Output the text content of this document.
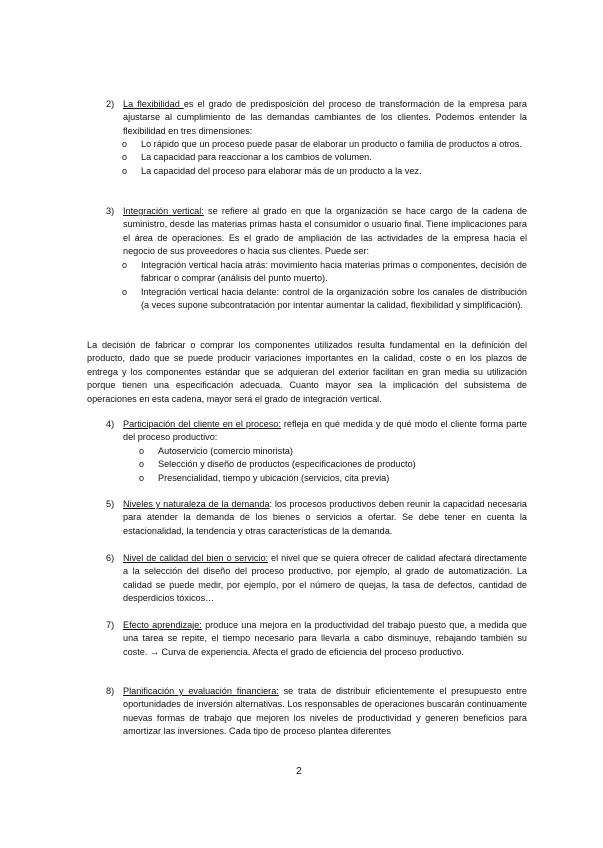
2) La flexibilidad es el grado de predisposición del proceso de transformación de la empresa para ajustarse al cumplimiento de las demandas cambiantes de los clientes. Podemos entender la flexibilidad en tres dimensiones:
o Lo rápido que un proceso puede pasar de elaborar un producto o familia de productos a otros.
o La capacidad para reaccionar a los cambios de volumen.
o La capacidad del proceso para elaborar más de un producto a la vez.
3) Integración vertical: se refiere al grado en que la organización se hace cargo de la cadena de suministro, desde las materias primas hasta el consumidor o usuario final. Tiene implicaciones para el área de operaciones. Es el grado de ampliación de las actividades de la empresa hacia el negocio de sus proveedores o hacia sus clientes. Puede ser:
o Integración vertical hacia atrás: movimiento hacia materias primas o componentes, decisión de fabricar o comprar (análisis del punto muerto).
o Integración vertical hacia delante: control de la organización sobre los canales de distribución (a veces supone subcontratación por intentar aumentar la calidad, flexibilidad y simplificación).
La decisión de fabricar o comprar los componentes utilizados resulta fundamental en la definición del producto, dado que se puede producir variaciones importantes en la calidad, coste o en los plazos de entrega y los componentes estándar que se adquieran del exterior facilitan en gran media su utilización porque tienen una especificación adecuada. Cuanto mayor sea la implicación del subsistema de operaciones en esta cadena, mayor será el grado de integración vertical.
4) Participación del cliente en el proceso: refleja en qué medida y de qué modo el cliente forma parte del proceso productivo:
o Autoservicio (comercio minorista)
o Selección y diseño de productos (especificaciones de producto)
o Presencialidad, tiempo y ubicación (servicios, cita previa)
5) Niveles y naturaleza de la demanda: los procesos productivos deben reunir la capacidad necesaria para atender la demanda de los bienes o servicios a ofertar. Se debe tener en cuenta la estacionalidad, la tendencia y otras características de la demanda.
6) Nivel de calidad del bien o servicio: el nivel que se quiera ofrecer de calidad afectará directamente a la selección del diseño del proceso productivo, por ejemplo, al grado de automatización. La calidad se puede medir, por ejemplo, por el número de quejas, la tasa de defectos, cantidad de desperdicios tóxicos…
7) Efecto aprendizaje: produce una mejora en la productividad del trabajo puesto que, a medida que una tarea se repite, el tiempo necesario para llevarla a cabo disminuye, rebajando también su coste. → Curva de experiencia. Afecta el grado de eficiencia del proceso productivo.
8) Planificación y evaluación financiera: se trata de distribuir eficientemente el presupuesto entre oportunidades de inversión alternativas. Los responsables de operaciones buscarán continuamente nuevas formas de trabajo que mejoren los niveles de productividad y generen beneficios para amortizar las inversiones. Cada tipo de proceso plantea diferentes
2
